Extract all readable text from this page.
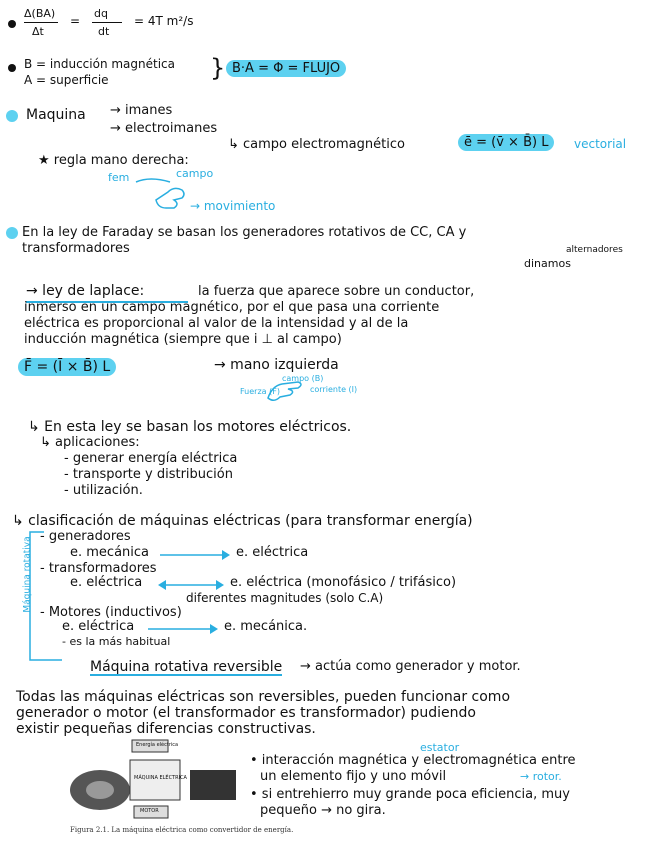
Δ(BA)
Δt
=
dq
dt
= 4T m²/s
B = inducción magnética
A = superficie	} B·A = Φ = FLUJO
Maquina → imanes
→ electroimanes
↳ campo electromagnético	ē = (v̄ × B̄) L	vectorial
★ regla mano derecha:
fem	campo
→ movimiento
En la ley de Faraday se basan los generadores rotativos de CC, CA y
transformadores	alternadores
dinamos
→ ley de laplace:	la fuerza que aparece sobre un conductor,
inmerso en un campo magnético, por el que pasa una corriente
eléctrica es proporcional al valor de la intensidad y al de la
inducción magnética (siempre que i ⊥ al campo)
F̄ = (Ī × B̄) L	→ mano izquierda
campo (B)
Fuerza (F)	corriente (I)
↳ En esta ley se basan los motores eléctricos.
↳ aplicaciones:
- generar energía eléctrica
- transporte y distribución
- utilización.
↳ clasificación de máquinas eléctricas (para transformar energía)
Máquina rotativa - generadores
e. mecánica	e. eléctrica
- transformadores
e. eléctrica	e. eléctrica (monofásico / trifásico)
diferentes magnitudes (solo C.A)
- Motores (inductivos)
e. eléctrica	e. mecánica.
- es la más habitual
Máquina rotativa reversible → actúa como generador y motor.
Todas las máquinas eléctricas son reversibles, pueden funcionar como
generador o motor (el transformador es transformador) pudiendo
existir pequeñas diferencias constructivas.
Energía eléctrica
MÁQUINA ELÉCTRICA
MOTOR
Figura 2.1. La máquina eléctrica como convertidor de energía.
estator
• interacción magnética y electromagnética entre
un elemento fijo y uno móvil	→ rotor.
• si entrehierro muy grande poca eficiencia, muy
pequeño → no gira.
